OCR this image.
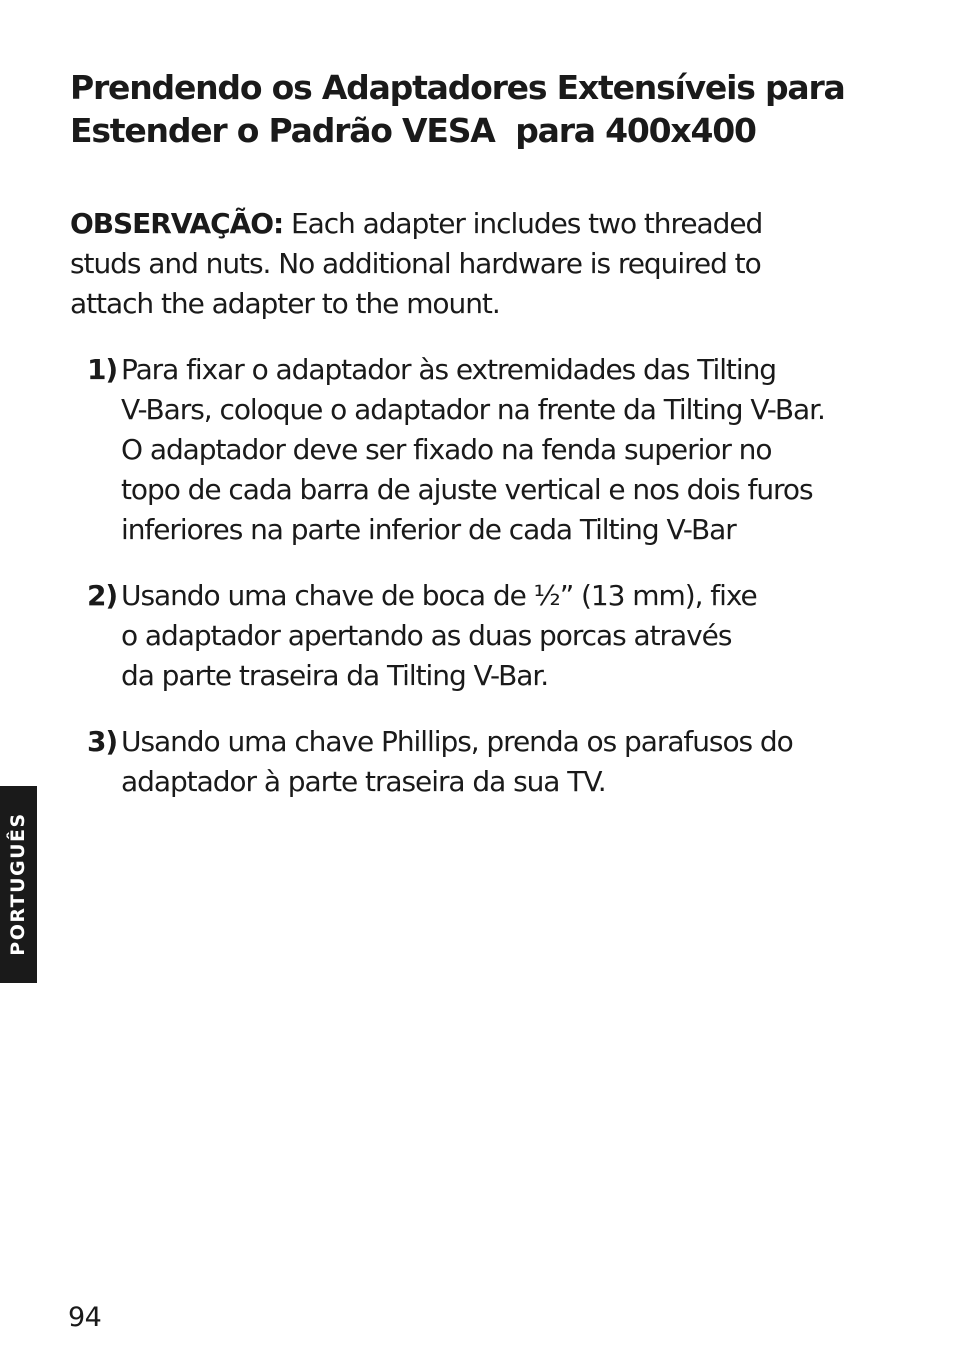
Prendendo os Adaptadores Extensíveis para
Estender o Padrão VESA  para 400x400

OBSERVAÇÃO: Each adapter includes two threaded
studs and nuts. No additional hardware is required to
attach the adapter to the mount.

1) Para fixar o adaptador às extremidades das Tilting
V-Bars, coloque o adaptador na frente da Tilting V-Bar.
O adaptador deve ser fixado na fenda superior no
topo de cada barra de ajuste vertical e nos dois furos
inferiores na parte inferior de cada Tilting V-Bar
2) Usando uma chave de boca de ½” (13 mm), fixe
o adaptador apertando as duas porcas através
da parte traseira da Tilting V-Bar.
3) Usando uma chave Phillips, prenda os parafusos do
adaptador à parte traseira da sua TV.
PORTUGUÊS
94
